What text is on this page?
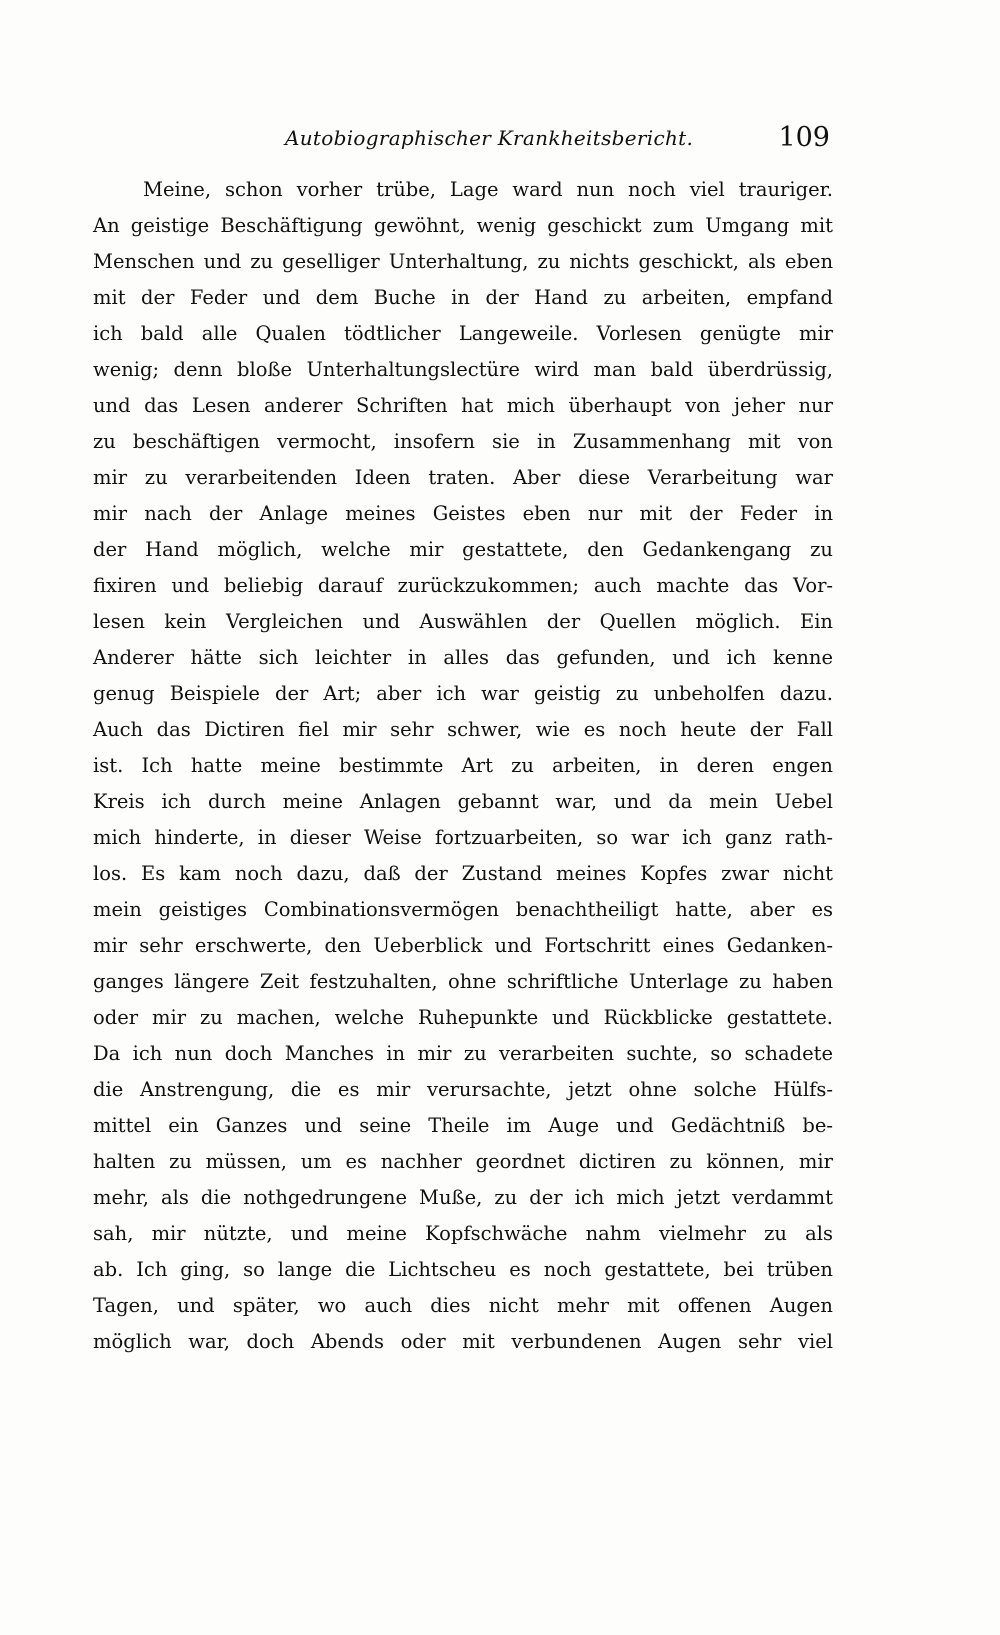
Autobiographischer Krankheitsbericht.	109
Meine, schon vorher trübe, Lage ward nun noch viel trauriger.
An geistige Beschäftigung gewöhnt, wenig geschickt zum Umgang mit
Menschen und zu geselliger Unterhaltung, zu nichts geschickt, als eben
mit der Feder und dem Buche in der Hand zu arbeiten, empfand
ich bald alle Qualen tödtlicher Langeweile. Vorlesen genügte mir
wenig; denn bloße Unterhaltungslectüre wird man bald überdrüssig,
und das Lesen anderer Schriften hat mich überhaupt von jeher nur
zu beschäftigen vermocht, insofern sie in Zusammenhang mit von
mir zu verarbeitenden Ideen traten. Aber diese Verarbeitung war
mir nach der Anlage meines Geistes eben nur mit der Feder in
der Hand möglich, welche mir gestattete, den Gedankengang zu
fixiren und beliebig darauf zurückzukommen; auch machte das Vor-
lesen kein Vergleichen und Auswählen der Quellen möglich. Ein
Anderer hätte sich leichter in alles das gefunden, und ich kenne
genug Beispiele der Art; aber ich war geistig zu unbeholfen dazu.
Auch das Dictiren fiel mir sehr schwer, wie es noch heute der Fall
ist. Ich hatte meine bestimmte Art zu arbeiten, in deren engen
Kreis ich durch meine Anlagen gebannt war, und da mein Uebel
mich hinderte, in dieser Weise fortzuarbeiten, so war ich ganz rath-
los. Es kam noch dazu, daß der Zustand meines Kopfes zwar nicht
mein geistiges Combinationsvermögen benachtheiligt hatte, aber es
mir sehr erschwerte, den Ueberblick und Fortschritt eines Gedanken-
ganges längere Zeit festzuhalten, ohne schriftliche Unterlage zu haben
oder mir zu machen, welche Ruhepunkte und Rückblicke gestattete.
Da ich nun doch Manches in mir zu verarbeiten suchte, so schadete
die Anstrengung, die es mir verursachte, jetzt ohne solche Hülfs-
mittel ein Ganzes und seine Theile im Auge und Gedächtniß be-
halten zu müssen, um es nachher geordnet dictiren zu können, mir
mehr, als die nothgedrungene Muße, zu der ich mich jetzt verdammt
sah, mir nützte, und meine Kopfschwäche nahm vielmehr zu als
ab. Ich ging, so lange die Lichtscheu es noch gestattete, bei trüben
Tagen, und später, wo auch dies nicht mehr mit offenen Augen
möglich war, doch Abends oder mit verbundenen Augen sehr viel
